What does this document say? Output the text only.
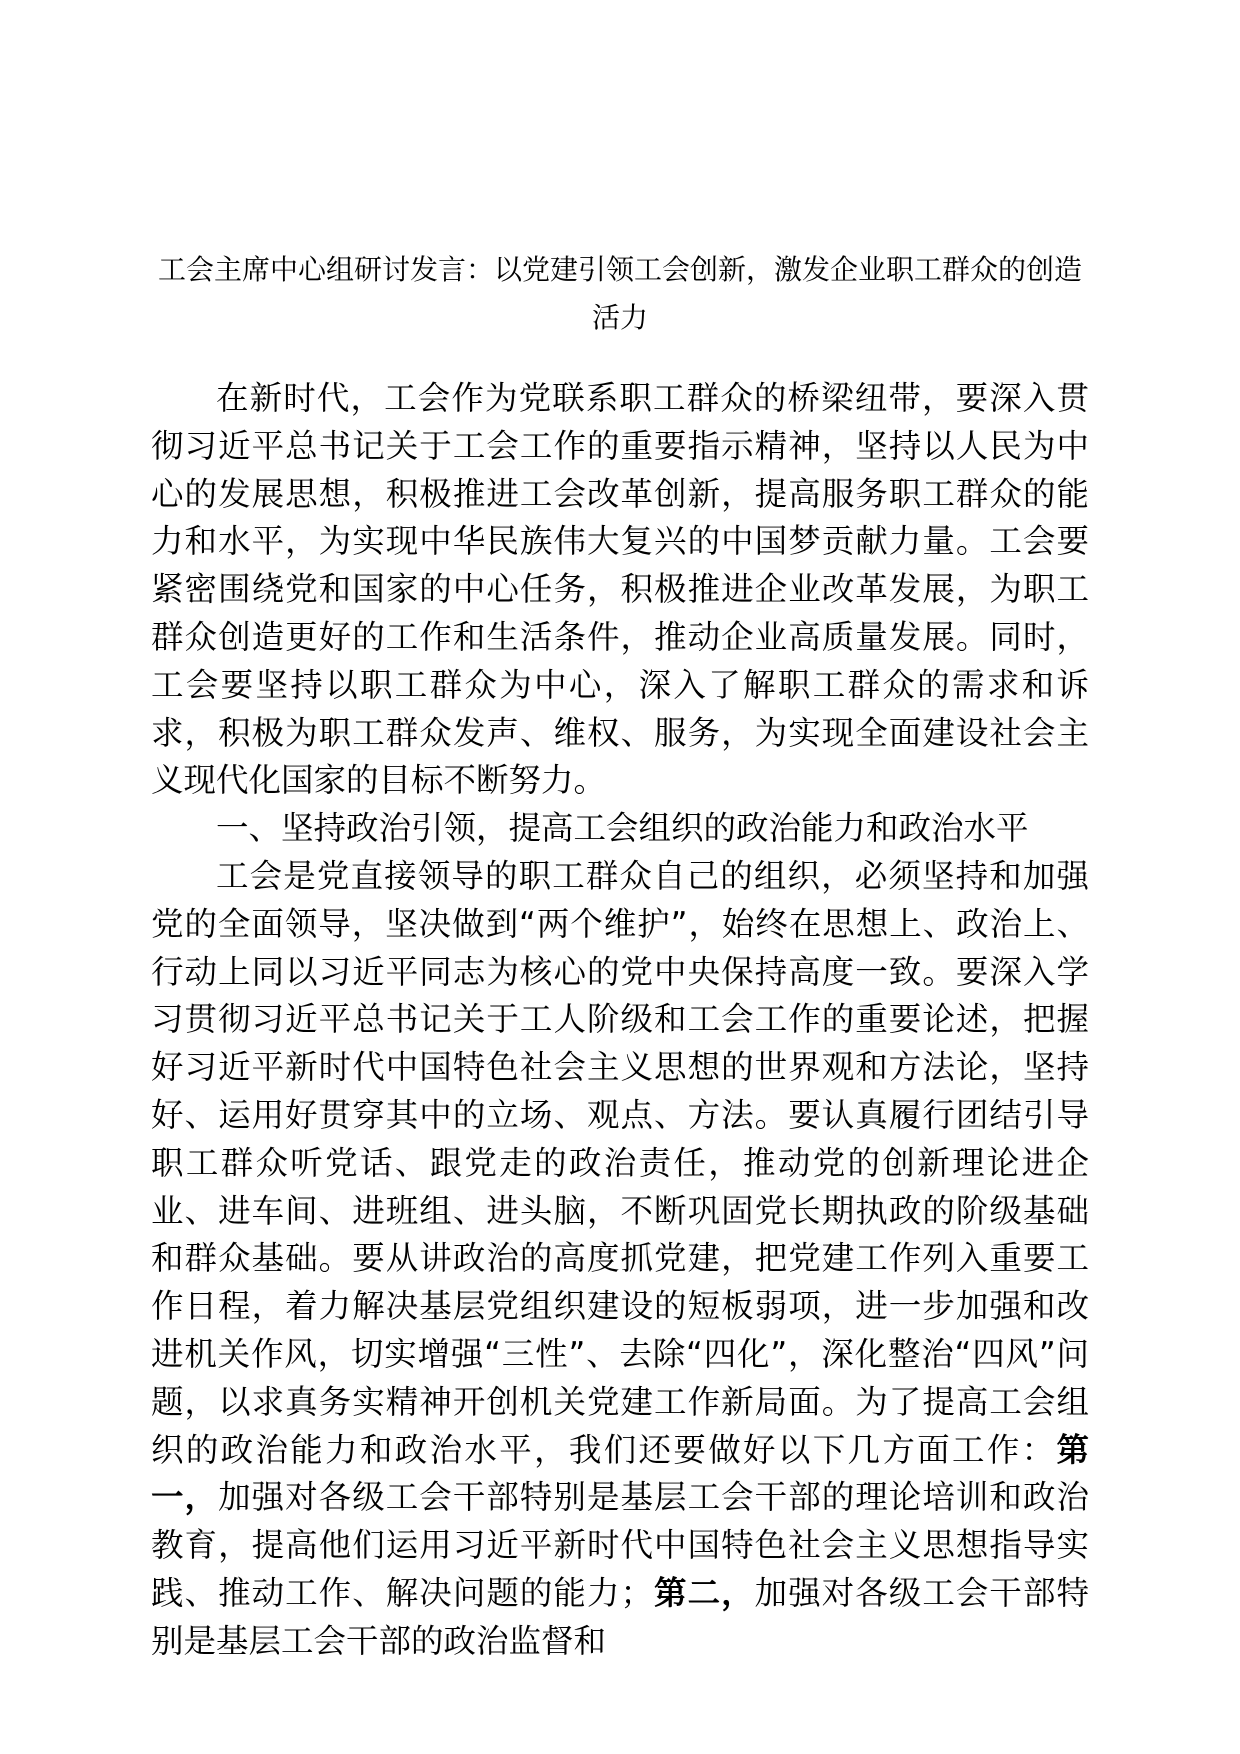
工会主席中心组研讨发言：以党建引领工会创新，激发企业职工群众的创造活力

在新时代，工会作为党联系职工群众的桥梁纽带，要深入贯彻习近平总书记关于工会工作的重要指示精神，坚持以人民为中心的发展思想，积极推进工会改革创新，提高服务职工群众的能力和水平，为实现中华民族伟大复兴的中国梦贡献力量。工会要紧密围绕党和国家的中心任务，积极推进企业改革发展，为职工群众创造更好的工作和生活条件，推动企业高质量发展。同时，工会要坚持以职工群众为中心，深入了解职工群众的需求和诉求，积极为职工群众发声、维权、服务，为实现全面建设社会主义现代化国家的目标不断努力。

一、坚持政治引领，提高工会组织的政治能力和政治水平

工会是党直接领导的职工群众自己的组织，必须坚持和加强党的全面领导，坚决做到“两个维护”，始终在思想上、政治上、行动上同以习近平同志为核心的党中央保持高度一致。要深入学习贯彻习近平总书记关于工人阶级和工会工作的重要论述，把握好习近平新时代中国特色社会主义思想的世界观和方法论，坚持好、运用好贯穿其中的立场、观点、方法。要认真履行团结引导职工群众听党话、跟党走的政治责任，推动党的创新理论进企业、进车间、进班组、进头脑，不断巩固党长期执政的阶级基础和群众基础。要从讲政治的高度抓党建，把党建工作列入重要工作日程，着力解决基层党组织建设的短板弱项，进一步加强和改进机关作风，切实增强“三性”、去除“四化”，深化整治“四风”问题，以求真务实精神开创机关党建工作新局面。为了提高工会组织的政治能力和政治水平，我们还要做好以下几方面工作：第一，加强对各级工会干部特别是基层工会干部的理论培训和政治教育，提高他们运用习近平新时代中国特色社会主义思想指导实践、推动工作、解决问题的能力；第二，加强对各级工会干部特别是基层工会干部的政治监督和
